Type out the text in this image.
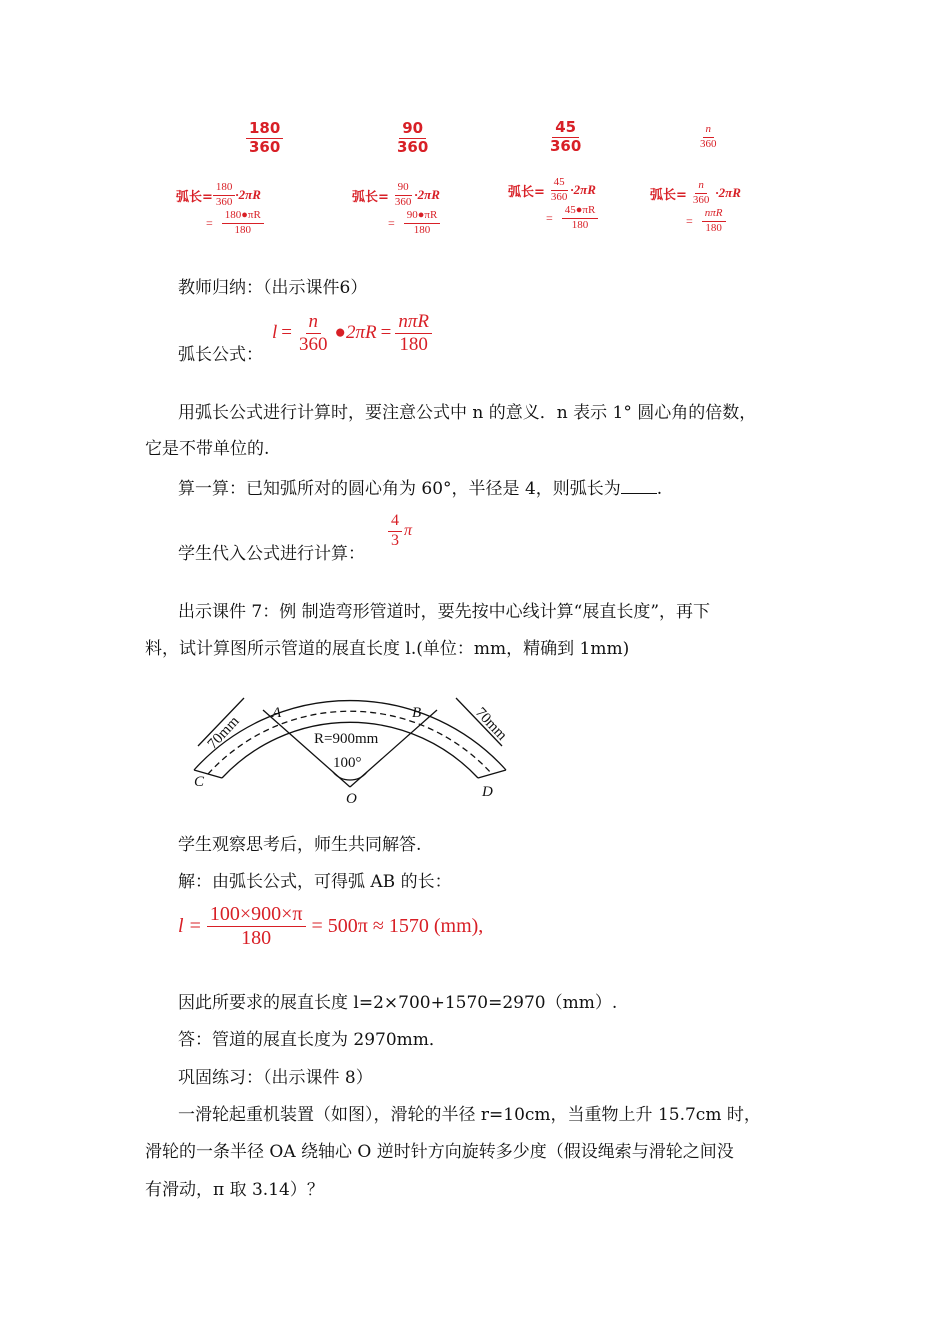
$\frac{180}{360}$	$\frac{90}{360}$	$\frac{45}{360}$	$\frac{n}{360}$
弧长= $\frac{180}{360} \cdot 2\pi R$
=
$\frac{180●\pi R}{180}$
弧长=
$\frac{90}{360} \cdot 2\pi R$
=
$\frac{90●\pi R}{180}$
弧长=
$\frac{45}{360} \cdot 2\pi R$
=
$\frac{45●\pi R}{180}$
弧长=
$\frac{n}{360}$
·2πR
=
$\frac{\text{nπR}}{180}$
教师归纳：（出示课件6）
弧长公式：
$l = \frac{n}{360}$ ●2πR = $\frac{\text{nπR}}{180}$
用弧长公式进行计算时，要注意公式中 n 的意义．n 表示 1° 圆心角的倍数，
它是不带单位的.
算一算：已知弧所对的圆心角为 60°，半径是 4，则弧长为 .
学生代入公式进行计算：
$\frac{4}{3}$ π
出示课件 7：例 制造弯形管道时，要先按中心线计算“展直长度”，再下
料，试计算图所示管道的展直长度 l.(单位：mm，精确到 1mm)
70mm	70mm
A	B
C
D
O
R=900mm
100°
学生观察思考后，师生共同解答.
解：由弧长公式，可得弧 AB 的长：
$l = \frac{100\times 900\times\pi}{180} = 500\pi \approx 1570$ (mm),
因此所要求的展直长度 l=2×700+1570=2970（mm）.
答：管道的展直长度为 2970mm．
巩固练习：（出示课件 8）
一滑轮起重机装置（如图），滑轮的半径 r=10cm，当重物上升 15.7cm 时，
滑轮的一条半径 OA 绕轴心 O 逆时针方向旋转多少度（假设绳索与滑轮之间没
有滑动，π 取 3.14）？
